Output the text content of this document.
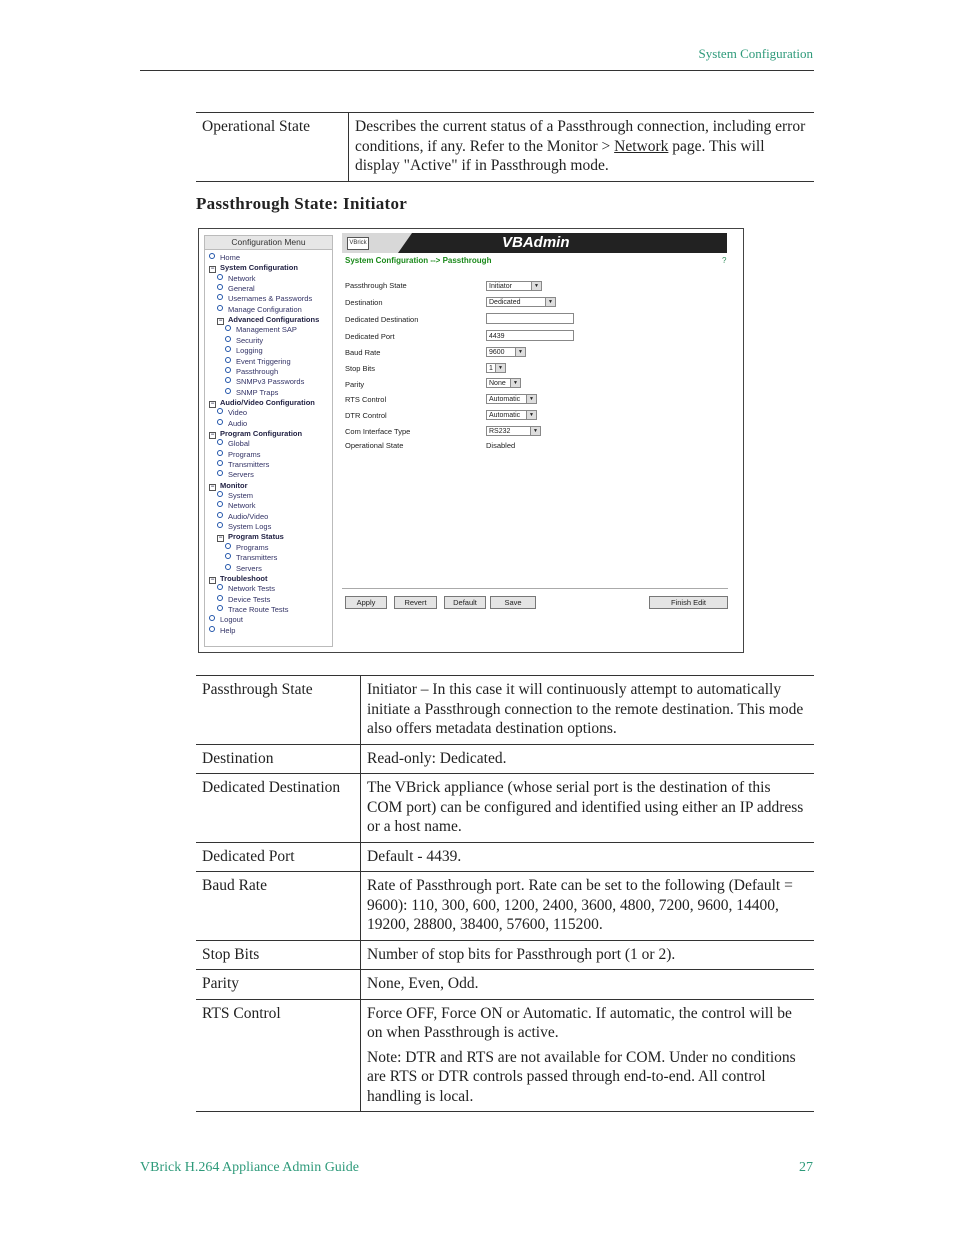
System Configuration
Operational State	Describes the current status of a Passthrough connection, including error conditions, if any. Refer to the Monitor > Network page. This will display "Active" if in Passthrough mode.
Passthrough State: Initiator
Configuration Menu
Home
− System Configuration
Network
General
Usernames & Passwords
Manage Configuration
− Advanced Configurations
Management SAP
Security
Logging
Event Triggering
Passthrough
SNMPv3 Passwords
SNMP Traps
− Audio/Video Configuration
Video
Audio
− Program Configuration
Global
Programs
Transmitters
Servers
− Monitor
System
Network
Audio/Video
System Logs
− Program Status
Programs
Transmitters
Servers
− Troubleshoot
Network Tests
Device Tests
Trace Route Tests
Logout
Help
VBrick	VBAdmin
System Configuration --> Passthrough	?
Passthrough State	Initiator	▼
Destination	Dedicated	▼
Dedicated Destination
Dedicated Port	4439
Baud Rate	9600	▼
Stop Bits	1	▼
Parity	None	▼
RTS Control	Automatic	▼
DTR Control	Automatic	▼
Com Interface Type	RS232	▼
Operational State	Disabled
Apply	Revert	Default	Save	Finish Edit
Passthrough State	Initiator – In this case it will continuously attempt to automatically initiate a Passthrough connection to the remote destination. This mode also offers metadata destination options.

Destination	Read-only: Dedicated.

Dedicated Destination	The VBrick appliance (whose serial port is the destination of this COM port) can be configured and identified using either an IP address or a host name.

Dedicated Port	Default - 4439.

Baud Rate	Rate of Passthrough port. Rate can be set to the following (Default = 9600): 110, 300, 600, 1200, 2400, 3600, 4800, 7200, 9600, 14400, 19200, 28800, 38400, 57600, 115200.

Stop Bits	Number of stop bits for Passthrough port (1 or 2).

Parity	None, Even, Odd.

RTS Control	Force OFF, Force ON or Automatic. If automatic, the control will be on when Passthrough is active.

Note: DTR and RTS are not available for COM. Under no conditions are RTS or DTR controls passed through end-to-end. All control handling is local.

VBrick H.264 Appliance Admin Guide	27
